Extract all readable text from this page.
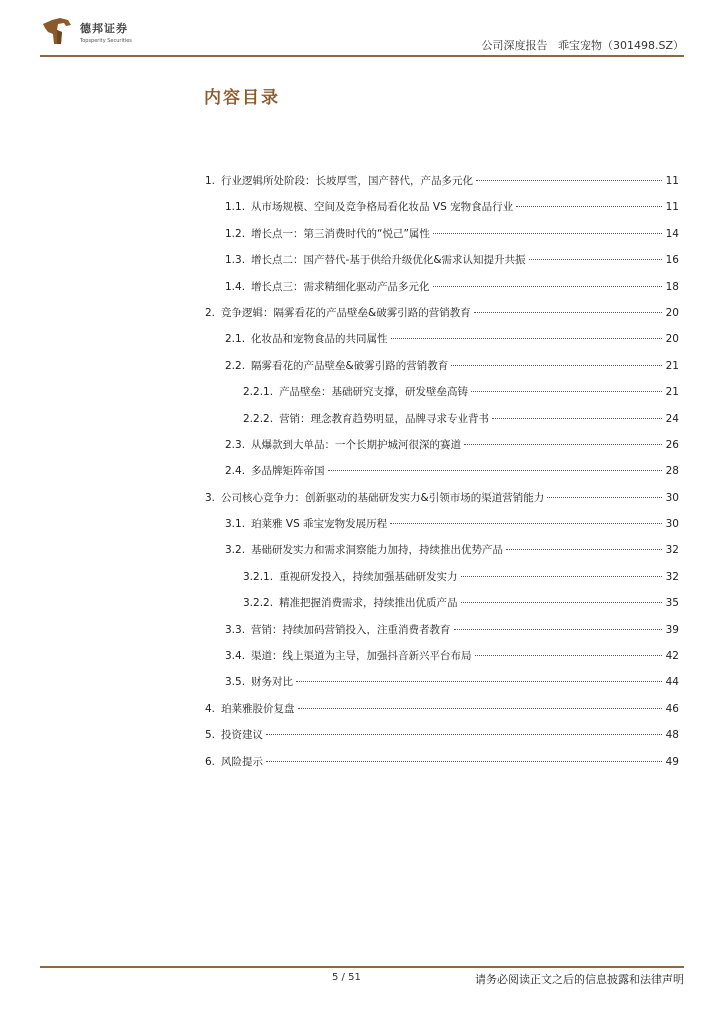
德邦证券
Topsperity Securities	公司深度报告 乖宝宠物（301498.SZ）
内容目录
1. 行业逻辑所处阶段：长坡厚雪，国产替代，产品多元化	11
1.1. 从市场规模、空间及竞争格局看化妆品 VS 宠物食品行业	11
1.2. 增长点一：第三消费时代的“悦己”属性	14
1.3. 增长点二：国产替代-基于供给升级优化&需求认知提升共振	16
1.4. 增长点三：需求精细化驱动产品多元化	18
2. 竞争逻辑：隔雾看花的产品壁垒&破雾引路的营销教育	20
2.1. 化妆品和宠物食品的共同属性	20
2.2. 隔雾看花的产品壁垒&破雾引路的营销教育	21
2.2.1. 产品壁垒：基础研究支撑，研发壁垒高铸	21
2.2.2. 营销：理念教育趋势明显，品牌寻求专业背书	24
2.3. 从爆款到大单品：一个长期护城河很深的赛道	26
2.4. 多品牌矩阵帝国	28
3. 公司核心竞争力：创新驱动的基础研发实力&引领市场的渠道营销能力	30
3.1. 珀莱雅 VS 乖宝宠物发展历程	30
3.2. 基础研发实力和需求洞察能力加持，持续推出优势产品	32
3.2.1. 重视研发投入，持续加强基础研发实力	32
3.2.2. 精准把握消费需求，持续推出优质产品	35
3.3. 营销：持续加码营销投入，注重消费者教育	39
3.4. 渠道：线上渠道为主导，加强抖音新兴平台布局	42
3.5. 财务对比	44
4. 珀莱雅股价复盘	46
5. 投资建议	48
6. 风险提示	49
5 / 51	请务必阅读正文之后的信息披露和法律声明
